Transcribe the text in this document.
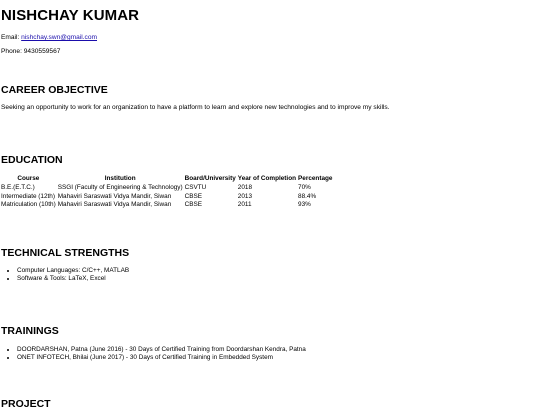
NISHCHAY KUMAR

Email: nishchay.swn@gmail.com

Phone: 9430559567

CAREER OBJECTIVE

Seeking an opportunity to work for an organization to have a platform to learn and explore new technologies and to improve my skills.

EDUCATION
Course	Institution	Board/University	Year of Completion	Percentage
B.E.(E.T.C.)	SSGI (Faculty of Engineering & Technology)	CSVTU	2018	70%
Intermediate (12th)	Mahaviri Saraswati Vidya Mandir, Siwan	CBSE	2013	88.4%
Matriculation (10th)	Mahaviri Saraswati Vidya Mandir, Siwan	CBSE	2011	93%
TECHNICAL STRENGTHS
• Computer Languages: C/C++, MATLAB
• Software & Tools: LaTeX, Excel
TRAININGS
• DOORDARSHAN, Patna (June 2016) - 30 Days of Certified Training from Doordarshan Kendra, Patna
• ONET INFOTECH, Bhilai (June 2017) - 30 Days of Certified Training in Embedded System
PROJECT
